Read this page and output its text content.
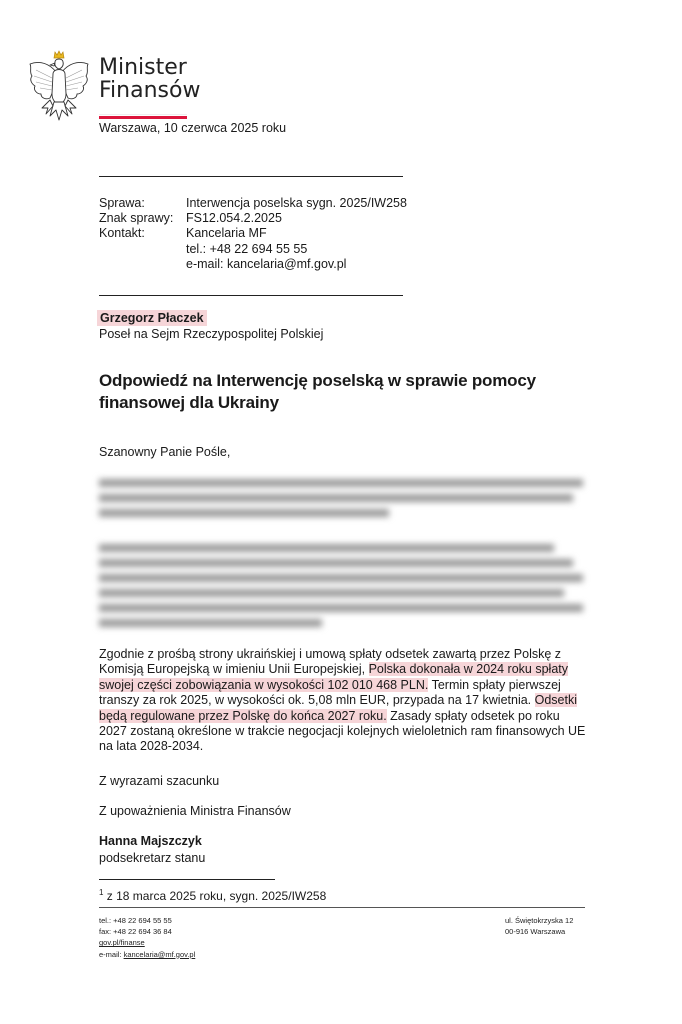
Minister
Finansów
Warszawa, 10 czerwca 2025 roku
Sprawa:	Interwencja poselska sygn. 2025/IW258
Znak sprawy:	FS12.054.2.2025
Kontakt:	Kancelaria MF
tel.: +48 22 694 55 55
e-mail: kancelaria@mf.gov.pl
Grzegorz Płaczek
Poseł na Sejm Rzeczypospolitej Polskiej
Odpowiedź na Interwencję poselską w sprawie pomocy finansowej dla Ukrainy
Szanowny Panie Pośle,
Zgodnie z prośbą strony ukraińskiej i umową spłaty odsetek zawartą przez Polskę z Komisją Europejską w imieniu Unii Europejskiej, Polska dokonała w 2024 roku spłaty swojej części zobowiązania w wysokości 102 010 468 PLN. Termin spłaty pierwszej transzy za rok 2025, w wysokości ok. 5,08 mln EUR, przypada na 17 kwietnia. Odsetki będą regulowane przez Polskę do końca 2027 roku. Zasady spłaty odsetek po roku 2027 zostaną określone w trakcie negocjacji kolejnych wieloletnich ram finansowych UE na lata 2028-2034.
Z wyrazami szacunku
Z upoważnienia Ministra Finansów
Hanna Majszczyk
podsekretarz stanu
$^1$ z 18 marca 2025 roku, sygn. 2025/IW258
tel.: +48 22 694 55 55
fax: +48 22 694 36 84
gov.pl/finanse
e-mail: kancelaria@mf.gov.pl
ul. Świętokrzyska 12
00-916 Warszawa
